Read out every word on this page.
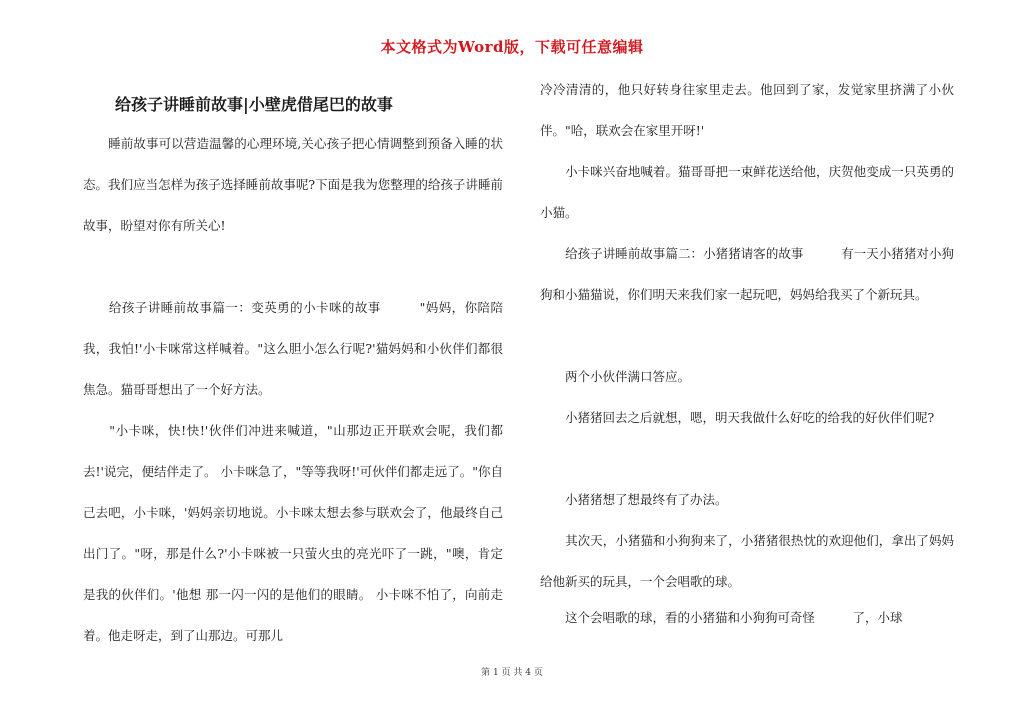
本文格式为Word版，下载可任意编辑
给孩子讲睡前故事|小壁虎借尾巴的故事
　　睡前故事可以营造温馨的心理环境,关心孩子把心情调整到预备入睡的状态。我们应当怎样为孩子选择睡前故事呢?下面是我为您整理的给孩子讲睡前故事，盼望对你有所关心!
　　给孩子讲睡前故事篇一：变英勇的小卡咪的故事　　　"妈妈，你陪陪我，我怕!'小卡咪常这样喊着。"这么胆小怎么行呢?'猫妈妈和小伙伴们都很焦急。猫哥哥想出了一个好方法。
　　"小卡咪，快!快!'伙伴们冲进来喊道，"山那边正开联欢会呢，我们都去!'说完，便结伴走了。 小卡咪急了，"等等我呀!'可伙伴们都走远了。"你自己去吧，小卡咪，'妈妈亲切地说。小卡咪太想去参与联欢会了，他最终自己出门了。"呀，那是什么?'小卡咪被一只萤火虫的亮光吓了一跳，"噢，肯定是我的伙伴们。'他想 那一闪一闪的是他们的眼睛。 小卡咪不怕了，向前走着。他走呀走，到了山那边。可那儿
冷冷清清的，他只好转身往家里走去。他回到了家，发觉家里挤满了小伙伴。"哈，联欢会在家里开呀!'
　　小卡咪兴奋地喊着。猫哥哥把一束鲜花送给他，庆贺他变成一只英勇的小猫。
　　给孩子讲睡前故事篇二：小猪猪请客的故事　　　有一天小猪猪对小狗狗和小猫猫说，你们明天来我们家一起玩吧，妈妈给我买了个新玩具。
　　两个小伙伴满口答应。
　　小猪猪回去之后就想，嗯，明天我做什么好吃的给我的好伙伴们呢?
　　小猪猪想了想最终有了办法。
　　其次天，小猪猫和小狗狗来了，小猪猪很热忱的欢迎他们，拿出了妈妈给他新买的玩具，一个会唱歌的球。
　　这个会唱歌的球，看的小猪猫和小狗狗可奇怪　　　了，小球
第 1 页 共 4 页
